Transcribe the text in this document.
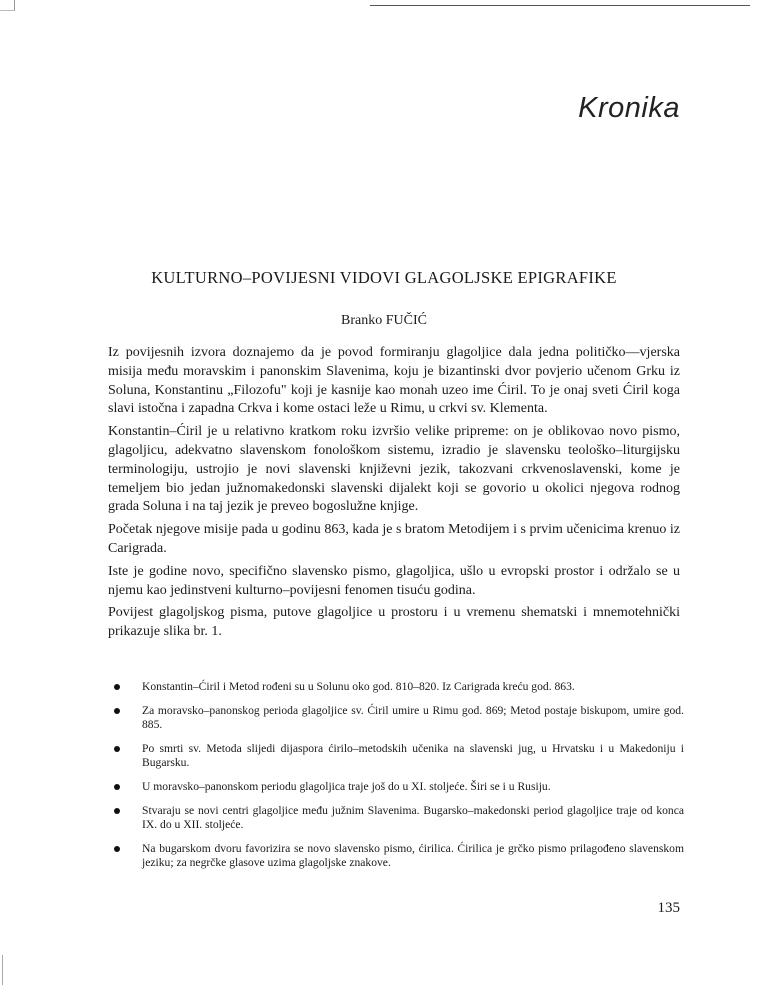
Kronika
KULTURNO–POVIJESNI VIDOVI GLAGOLJSKE EPIGRAFIKE

Branko FUČIĆ

Iz povijesnih izvora doznajemo da je povod formiranju glagoljice dala jedna političko––vjerska misija među moravskim i panonskim Slavenima, koju je bizantinski dvor povjerio učenom Grku iz Soluna, Konstantinu „Filozofu" koji je kasnije kao monah uzeo ime Ćiril. To je onaj sveti Ćiril koga slavi istočna i zapadna Crkva i kome ostaci leže u Rimu, u crkvi sv. Klementa.

Konstantin–Ćiril je u relativno kratkom roku izvršio velike pripreme: on je oblikovao novo pismo, glagoljicu, adekvatno slavenskom fonološkom sistemu, izradio je slavensku teološko–liturgijsku terminologiju, ustrojio je novi slavenski književni jezik, takozvani crkvenoslavenski, kome je temeljem bio jedan južnomakedonski slavenski dijalekt koji se govorio u okolici njegova rodnog grada Soluna i na taj jezik je preveo bogoslužne knjige.

Početak njegove misije pada u godinu 863, kada je s bratom Metodijem i s prvim učenicima krenuo iz Carigrada.

Iste je godine novo, specifično slavensko pismo, glagoljica, ušlo u evropski prostor i održalo se u njemu kao jedinstveni kulturno–povijesni fenomen tisuću godina.

Povijest glagoljskog pisma, putove glagoljice u prostoru i u vremenu shematski i mnemotehnički prikazuje slika br. 1.

Konstantin–Ćiril i Metod rođeni su u Solunu oko god. 810–820. Iz Carigrada kreću god. 863.
Za moravsko–panonskog perioda glagoljice sv. Ćiril umire u Rimu god. 869; Metod postaje biskupom, umire god. 885.
Po smrti sv. Metoda slijedi dijaspora ćirilo–metodskih učenika na slavenski jug, u Hrvatsku i u Makedoniju i Bugarsku.
U moravsko–panonskom periodu glagoljica traje još do u XI. stoljeće. Širi se i u Rusiju.
Stvaraju se novi centri glagoljice među južnim Slavenima. Bugarsko–makedonski period glagoljice traje od konca IX. do u XII. stoljeće.
Na bugarskom dvoru favorizira se novo slavensko pismo, ćirilica. Ćirilica je grčko pismo prilagođeno slavenskom jeziku; za negrčke glasove uzima glagoljske znakove.

135
